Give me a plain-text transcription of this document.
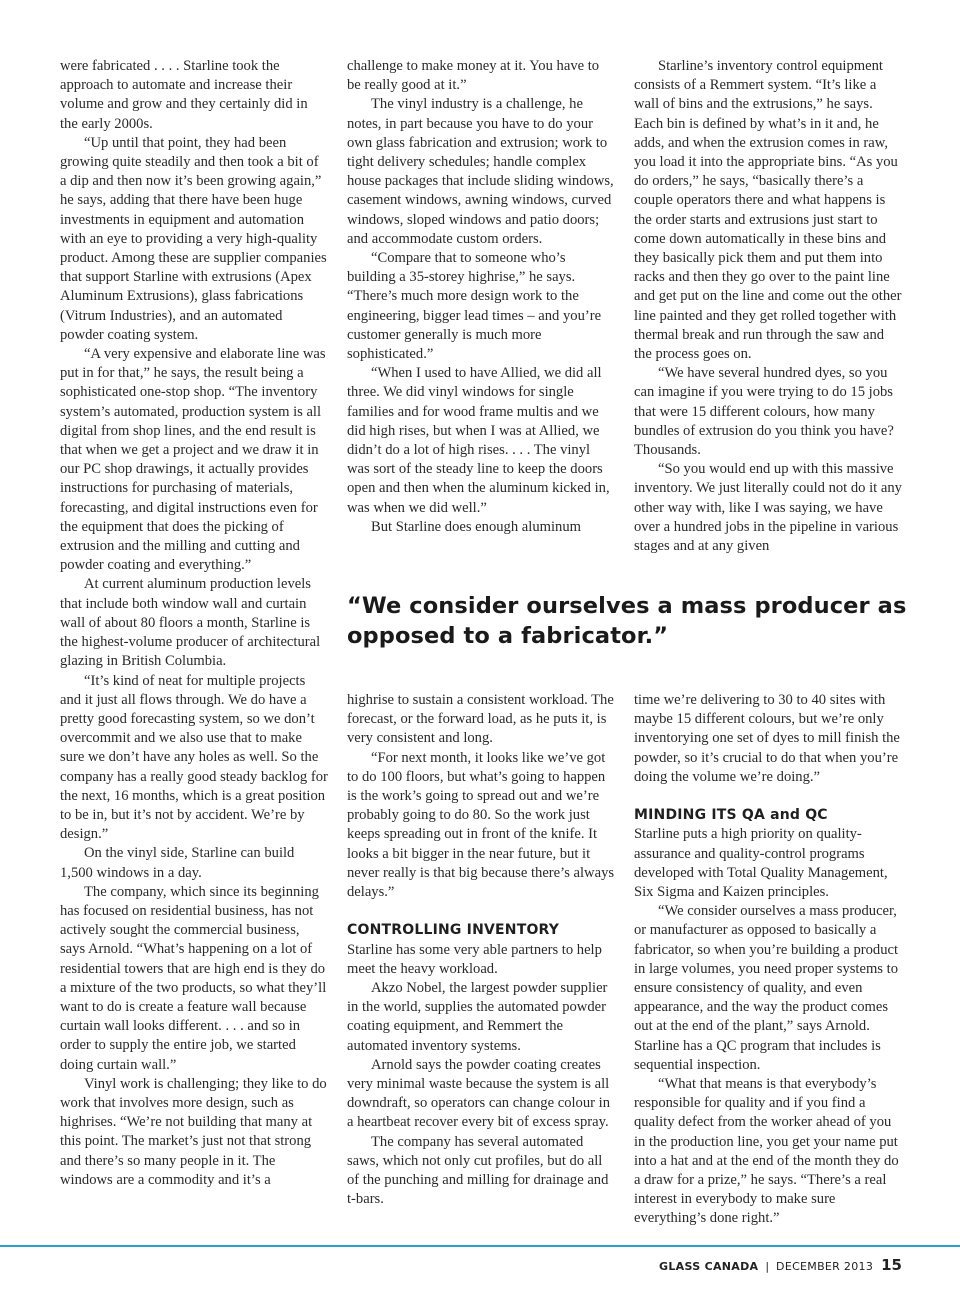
were fabricated . . . . Starline took the approach to automate and increase their volume and grow and they certainly did in the early 2000s.

“Up until that point, they had been growing quite steadily and then took a bit of a dip and then now it’s been growing again,” he says, adding that there have been huge investments in equipment and automation with an eye to providing a very high-quality product. Among these are supplier companies that support Starline with extrusions (Apex Aluminum Extrusions), glass fabrications (Vitrum Industries), and an automated powder coating system.

“A very expensive and elaborate line was put in for that,” he says, the result being a sophisticated one-stop shop. “The inventory system’s automated, production system is all digital from shop lines, and the end result is that when we get a project and we draw it in our PC shop drawings, it actually provides instructions for purchasing of materials, forecasting, and digital instructions even for the equipment that does the picking of extrusion and the milling and cutting and powder coating and everything.”

At current aluminum production levels that include both window wall and curtain wall of about 80 floors a month, Starline is the highest-volume producer of architectural glazing in British Columbia.

“It’s kind of neat for multiple projects and it just all flows through. We do have a pretty good forecasting system, so we don’t overcommit and we also use that to make sure we don’t have any holes as well. So the company has a really good steady backlog for the next, 16 months, which is a great position to be in, but it’s not by accident. We’re by design.”

On the vinyl side, Starline can build 1,500 windows in a day.

The company, which since its beginning has focused on residential business, has not actively sought the commercial business, says Arnold. “What’s happening on a lot of residential towers that are high end is they do a mixture of the two products, so what they’ll want to do is create a feature wall because curtain wall looks different. . . . and so in order to supply the entire job, we started doing curtain wall.”

Vinyl work is challenging; they like to do work that involves more design, such as highrises. “We’re not building that many at this point. The market’s just not that strong and there’s so many people in it. The windows are a commodity and it’s a

challenge to make money at it. You have to be really good at it.”

The vinyl industry is a challenge, he notes, in part because you have to do your own glass fabrication and extrusion; work to tight delivery schedules; handle complex house packages that include sliding windows, casement windows, awning windows, curved windows, sloped windows and patio doors; and accommodate custom orders.

“Compare that to someone who’s building a 35-storey highrise,” he says. “There’s much more design work to the engineering, bigger lead times – and you’re customer generally is much more sophisticated.”

“When I used to have Allied, we did all three. We did vinyl windows for single families and for wood frame multis and we did high rises, but when I was at Allied, we didn’t do a lot of high rises. . . . The vinyl was sort of the steady line to keep the doors open and then when the aluminum kicked in, was when we did well.”

But Starline does enough aluminum

Starline’s inventory control equipment consists of a Remmert system. “It’s like a wall of bins and the extrusions,” he says. Each bin is defined by what’s in it and, he adds, and when the extrusion comes in raw, you load it into the appropriate bins. “As you do orders,” he says, “basically there’s a couple operators there and what happens is the order starts and extrusions just start to come down automatically in these bins and they basically pick them and put them into racks and then they go over to the paint line and get put on the line and come out the other line painted and they get rolled together with thermal break and run through the saw and the process goes on.

“We have several hundred dyes, so you can imagine if you were trying to do 15 jobs that were 15 different colours, how many bundles of extrusion do you think you have? Thousands.

“So you would end up with this massive inventory. We just literally could not do it any other way with, like I was saying, we have over a hundred jobs in the pipeline in various stages and at any given

“We consider ourselves a mass producer as opposed to a fabricator.”

highrise to sustain a consistent workload. The forecast, or the forward load, as he puts it, is very consistent and long.

“For next month, it looks like we’ve got to do 100 floors, but what’s going to happen is the work’s going to spread out and we’re probably going to do 80. So the work just keeps spreading out in front of the knife. It looks a bit bigger in the near future, but it never really is that big because there’s always delays.”

CONTROLLING INVENTORY

Starline has some very able partners to help meet the heavy workload.

Akzo Nobel, the largest powder supplier in the world, supplies the automated powder coating equipment, and Remmert the automated inventory systems.

Arnold says the powder coating creates very minimal waste because the system is all downdraft, so operators can change colour in a heartbeat recover every bit of excess spray.

The company has several automated saws, which not only cut profiles, but do all of the punching and milling for drainage and t-bars.

time we’re delivering to 30 to 40 sites with maybe 15 different colours, but we’re only inventorying one set of dyes to mill finish the powder, so it’s crucial to do that when you’re doing the volume we’re doing.”

MINDING ITS QA and QC

Starline puts a high priority on quality-assurance and quality-control programs developed with Total Quality Management, Six Sigma and Kaizen principles.

“We consider ourselves a mass producer, or manufacturer as opposed to basically a fabricator, so when you’re building a product in large volumes, you need proper systems to ensure consistency of quality, and even appearance, and the way the product comes out at the end of the plant,” says Arnold. Starline has a QC program that includes is sequential inspection.

“What that means is that everybody’s responsible for quality and if you find a quality defect from the worker ahead of you in the production line, you get your name put into a hat and at the end of the month they do a draw for a prize,” he says. “There’s a real interest in everybody to make sure everything’s done right.”

GLASS CANADA | DECEMBER 2013 15
